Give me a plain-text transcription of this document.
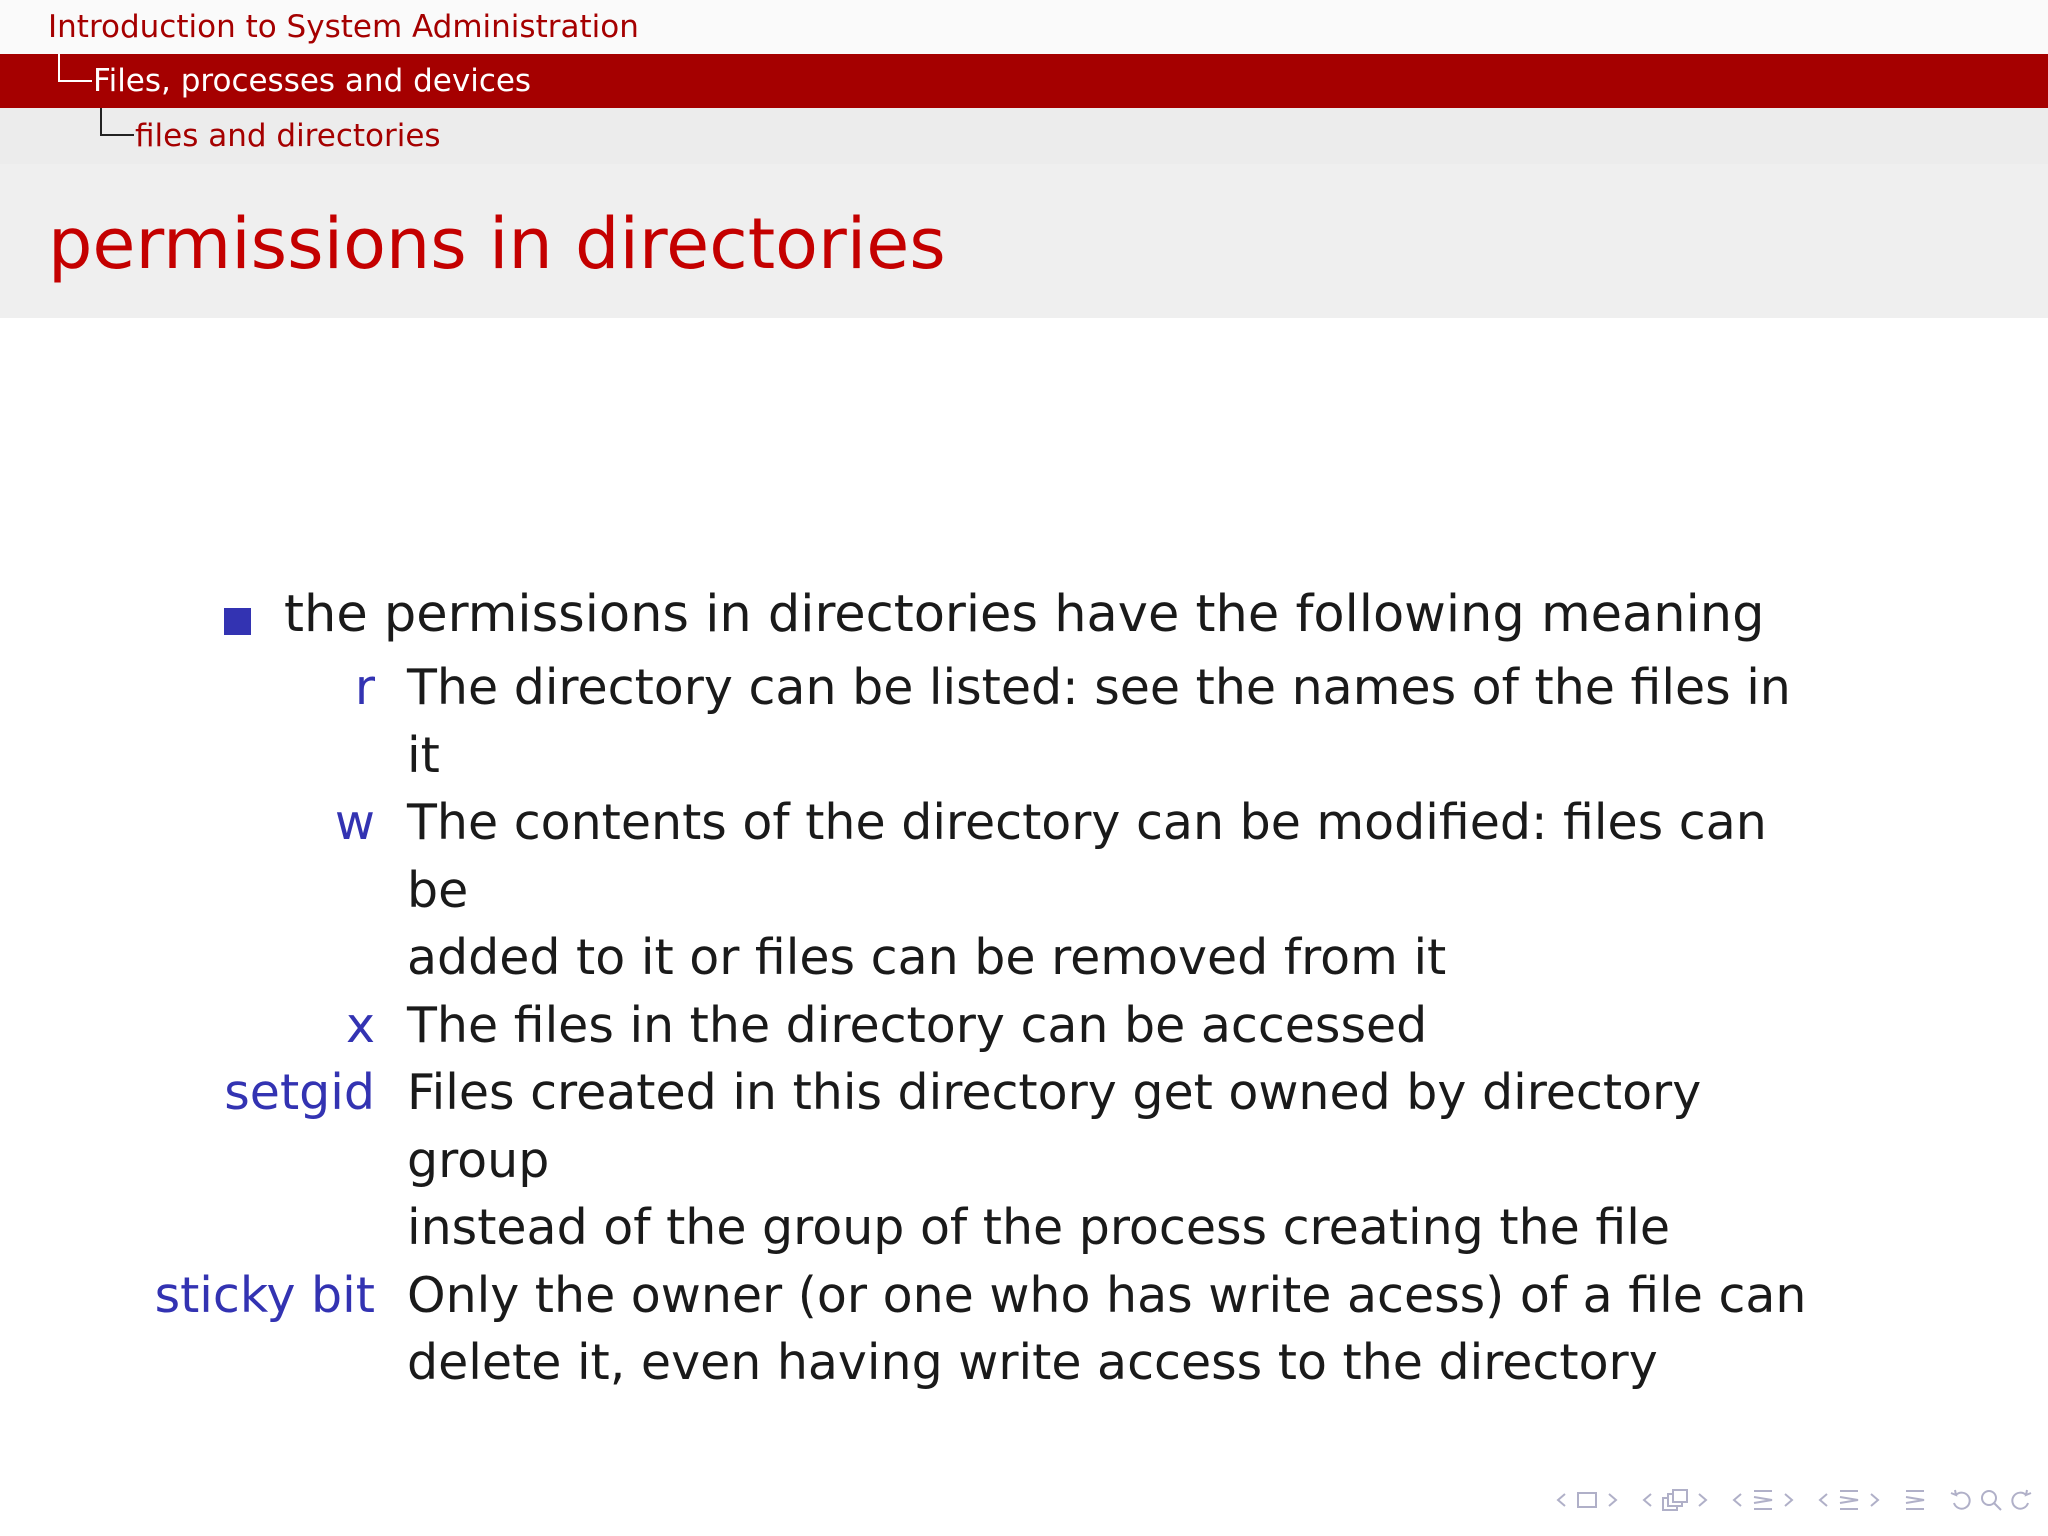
Introduction to System Administration
Files, processes and devices
files and directories
permissions in directories
the permissions in directories have the following meaning
r The directory can be listed: see the names of the files in it
w The contents of the directory can be modified: files can be
added to it or files can be removed from it
x The files in the directory can be accessed
setgid Files created in this directory get owned by directory group
instead of the group of the process creating the file
sticky bit Only the owner (or one who has write acess) of a file can
delete it, even having write access to the directory
